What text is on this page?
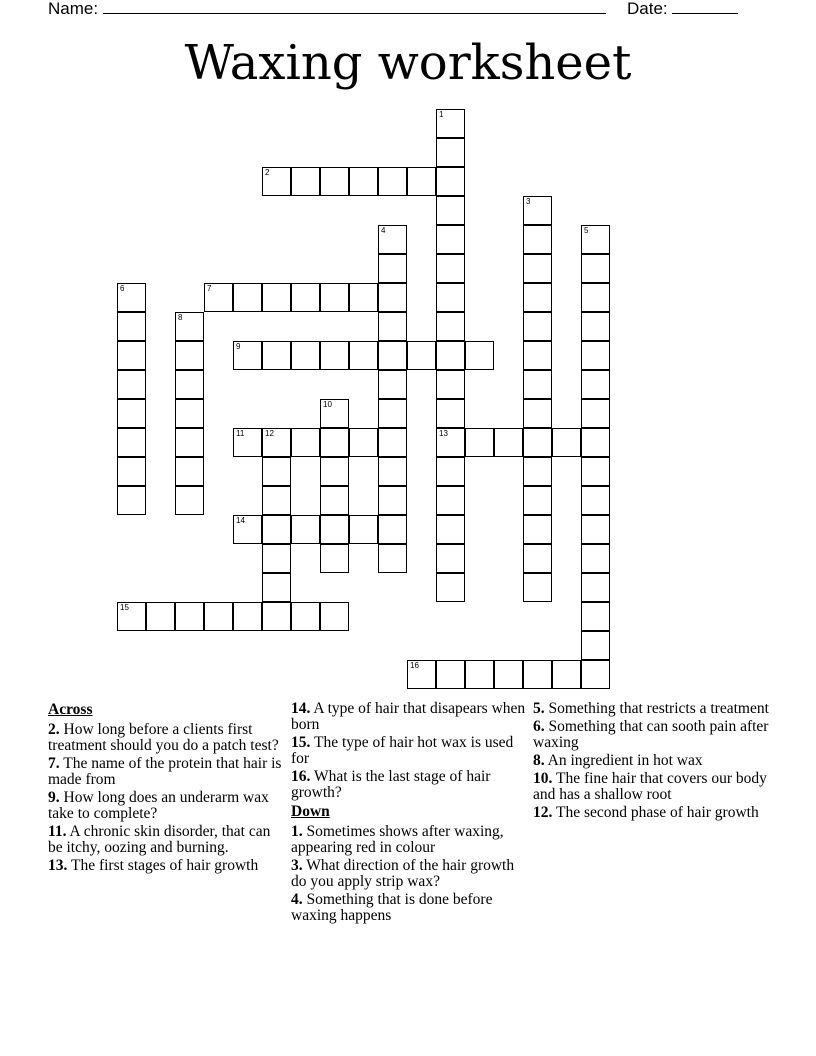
Name:	Date:
Waxing worksheet
1
13
2
3
4	5
6	7
8
9
10
11	12
14
15
16
Across
2. How long before a clients first treatment should you do a patch test?
7. The name of the protein that hair is made from
9. How long does an underarm wax take to complete?
11. A chronic skin disorder, that can be itchy, oozing and burning.
13. The first stages of hair growth
14. A type of hair that disapears when born
15. The type of hair hot wax is used for
16. What is the last stage of hair growth?
Down
1. Sometimes shows after waxing, appearing red in colour
3. What direction of the hair growth do you apply strip wax?
4. Something that is done before waxing happens
5. Something that restricts a treatment
6. Something that can sooth pain after waxing
8. An ingredient in hot wax
10. The fine hair that covers our body and has a shallow root
12. The second phase of hair growth
